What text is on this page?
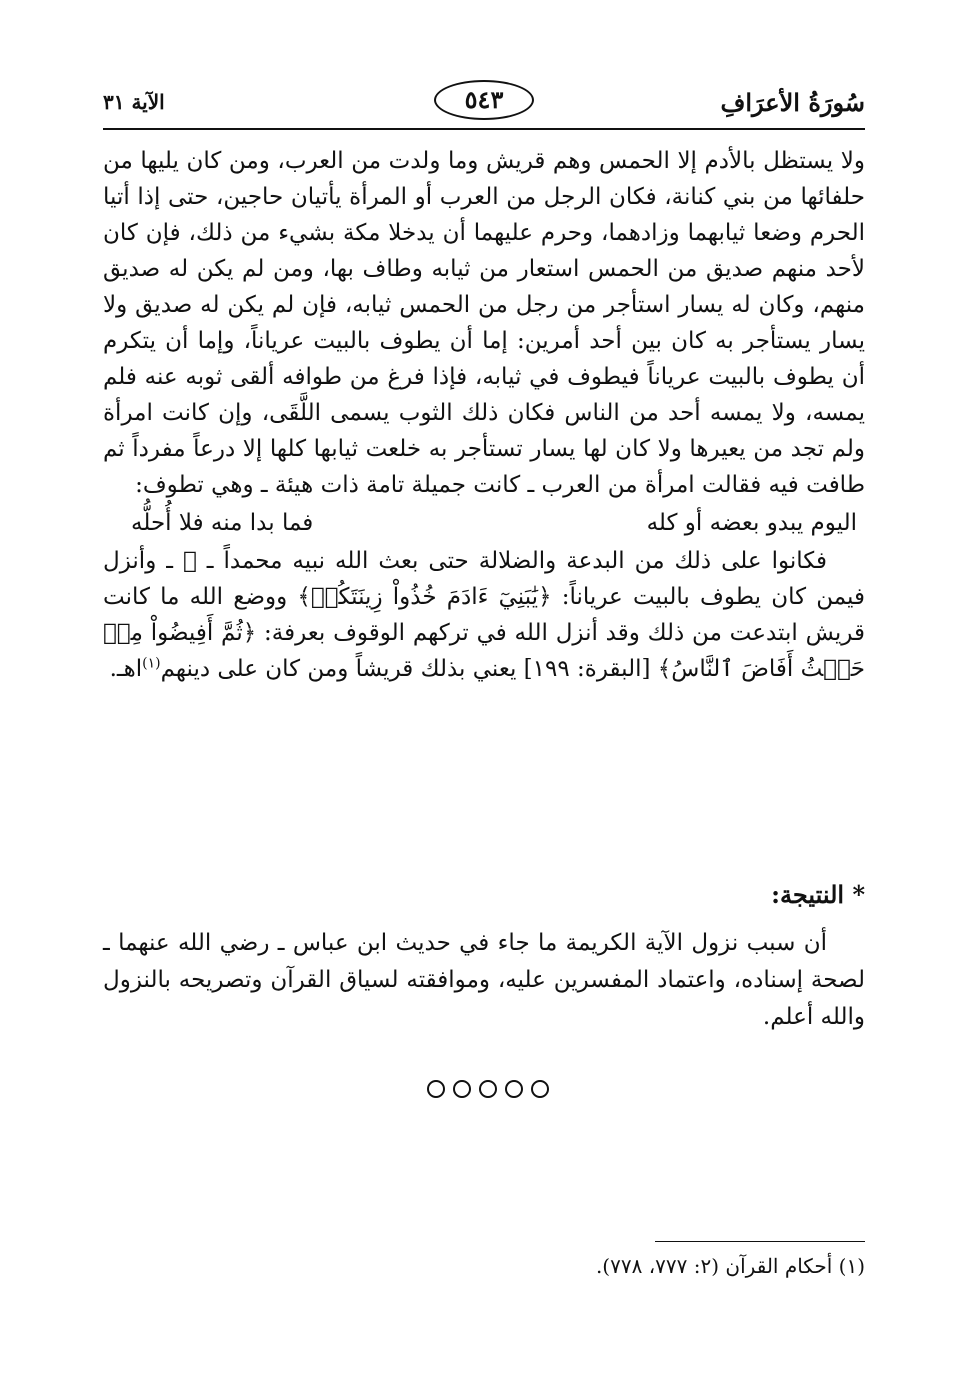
سُورَةُ الأعرَافِ
٥٤٣
الآية ٣١

ولا يستظل بالأدم إلا الحمس وهم قريش وما ولدت من العرب، ومن كان يليها من حلفائها من بني كنانة، فكان الرجل من العرب أو المرأة يأتيان حاجين، حتى إذا أتيا الحرم وضعا ثيابهما وزادهما، وحرم عليهما أن يدخلا مكة بشيء من ذلك، فإن كان لأحد منهم صديق من الحمس استعار من ثيابه وطاف بها، ومن لم يكن له صديق منهم، وكان له يسار استأجر من رجل من الحمس ثيابه، فإن لم يكن له صديق ولا يسار يستأجر به كان بين أحد أمرين: إما أن يطوف بالبيت عرياناً، وإما أن يتكرم أن يطوف بالبيت عرياناً فيطوف في ثيابه، فإذا فرغ من طوافه ألقى ثوبه عنه فلم يمسه، ولا يمسه أحد من الناس فكان ذلك الثوب يسمى اللَّقَى، وإن كانت امرأة ولم تجد من يعيرها ولا كان لها يسار تستأجر به خلعت ثيابها كلها إلا درعاً مفرداً ثم طافت فيه فقالت امرأة من العرب ـ كانت جميلة تامة ذات هيئة ـ وهي تطوف:

اليوم يبدو بعضه أو كله
فما بدا منه فلا أُحلُّه

فكانوا على ذلك من البدعة والضلالة حتى بعث الله نبيه محمداً ـ ﷺ ـ وأنزل فيمن كان يطوف بالبيت عرياناً: ﴿يَٰبَنِيٓ ءَادَمَ خُذُواْ زِينَتَكُمۡ﴾ ووضع الله ما كانت قريش ابتدعت من ذلك وقد أنزل الله في تركهم الوقوف بعرفة: ﴿ثُمَّ أَفِيضُواْ مِنۡ حَيۡثُ أَفَاضَ ٱلنَّاسُ﴾ [البقرة: ١٩٩] يعني بذلك قريشاً ومن كان على دينهم$^{(١)}$اهـ.

* النتيجة:

أن سبب نزول الآية الكريمة ما جاء في حديث ابن عباس ـ رضي الله عنهما ـ لصحة إسناده، واعتماد المفسرين عليه، وموافقته لسياق القرآن وتصريحه بالنزول والله أعلم.

(١) أحكام القرآن (٢: ٧٧٧، ٧٧٨).
